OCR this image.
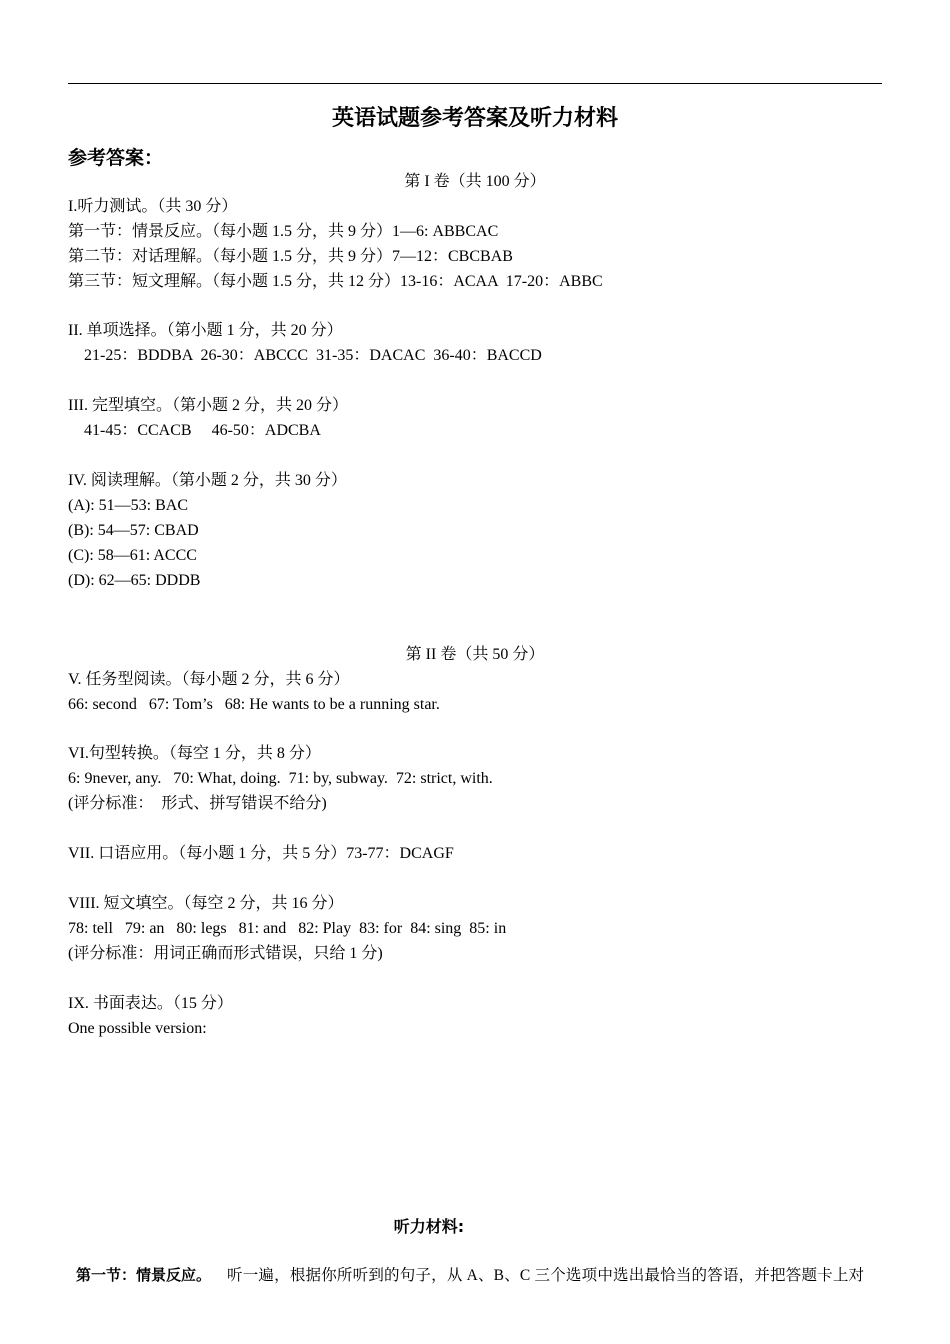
英语试题参考答案及听力材料
参考答案：
第 I 卷（共 100 分）
I.听力测试。（共 30 分）
第一节：情景反应。（每小题 1.5 分，共 9 分）1—6: ABBCAC
第二节：对话理解。（每小题 1.5 分，共 9 分）7—12：CBCBAB
第三节：短文理解。（每小题 1.5 分，共 12 分）13-16：ACAA  17-20：ABBC
II. 单项选择。（第小题 1 分，共 20 分）
21-25：BDDBA  26-30：ABCCC  31-35：DACAC  36-40：BACCD
III. 完型填空。（第小题 2 分，共 20 分）
41-45：CCACB     46-50：ADCBA
IV. 阅读理解。（第小题 2 分，共 30 分）
(A): 51—53: BAC
(B): 54—57: CBAD
(C): 58—61: ACCC
(D): 62—65: DDDB
第 II 卷（共 50 分）
V. 任务型阅读。（每小题 2 分，共 6 分）
66: second   67: Tom’s   68: He wants to be a running star.
VI.句型转换。（每空 1 分，共 8 分）
6: 9never, any.   70: What, doing.  71: by, subway.  72: strict, with.
(评分标准：  形式、拼写错误不给分)
VII. 口语应用。（每小题 1 分，共 5 分）73-77：DCAGF
VIII. 短文填空。（每空 2 分，共 16 分）
78: tell   79: an   80: legs   81: and   82: Play  83: for  84: sing  85: in
(评分标准：用词正确而形式错误，只给 1 分)
IX. 书面表达。（15 分）
One possible version:
听力材料:

第一节：情景反应。 听一遍，根据你所听到的句子，从 A、B、C 三个选项中选出最恰当的答语，并把答题卡上对
